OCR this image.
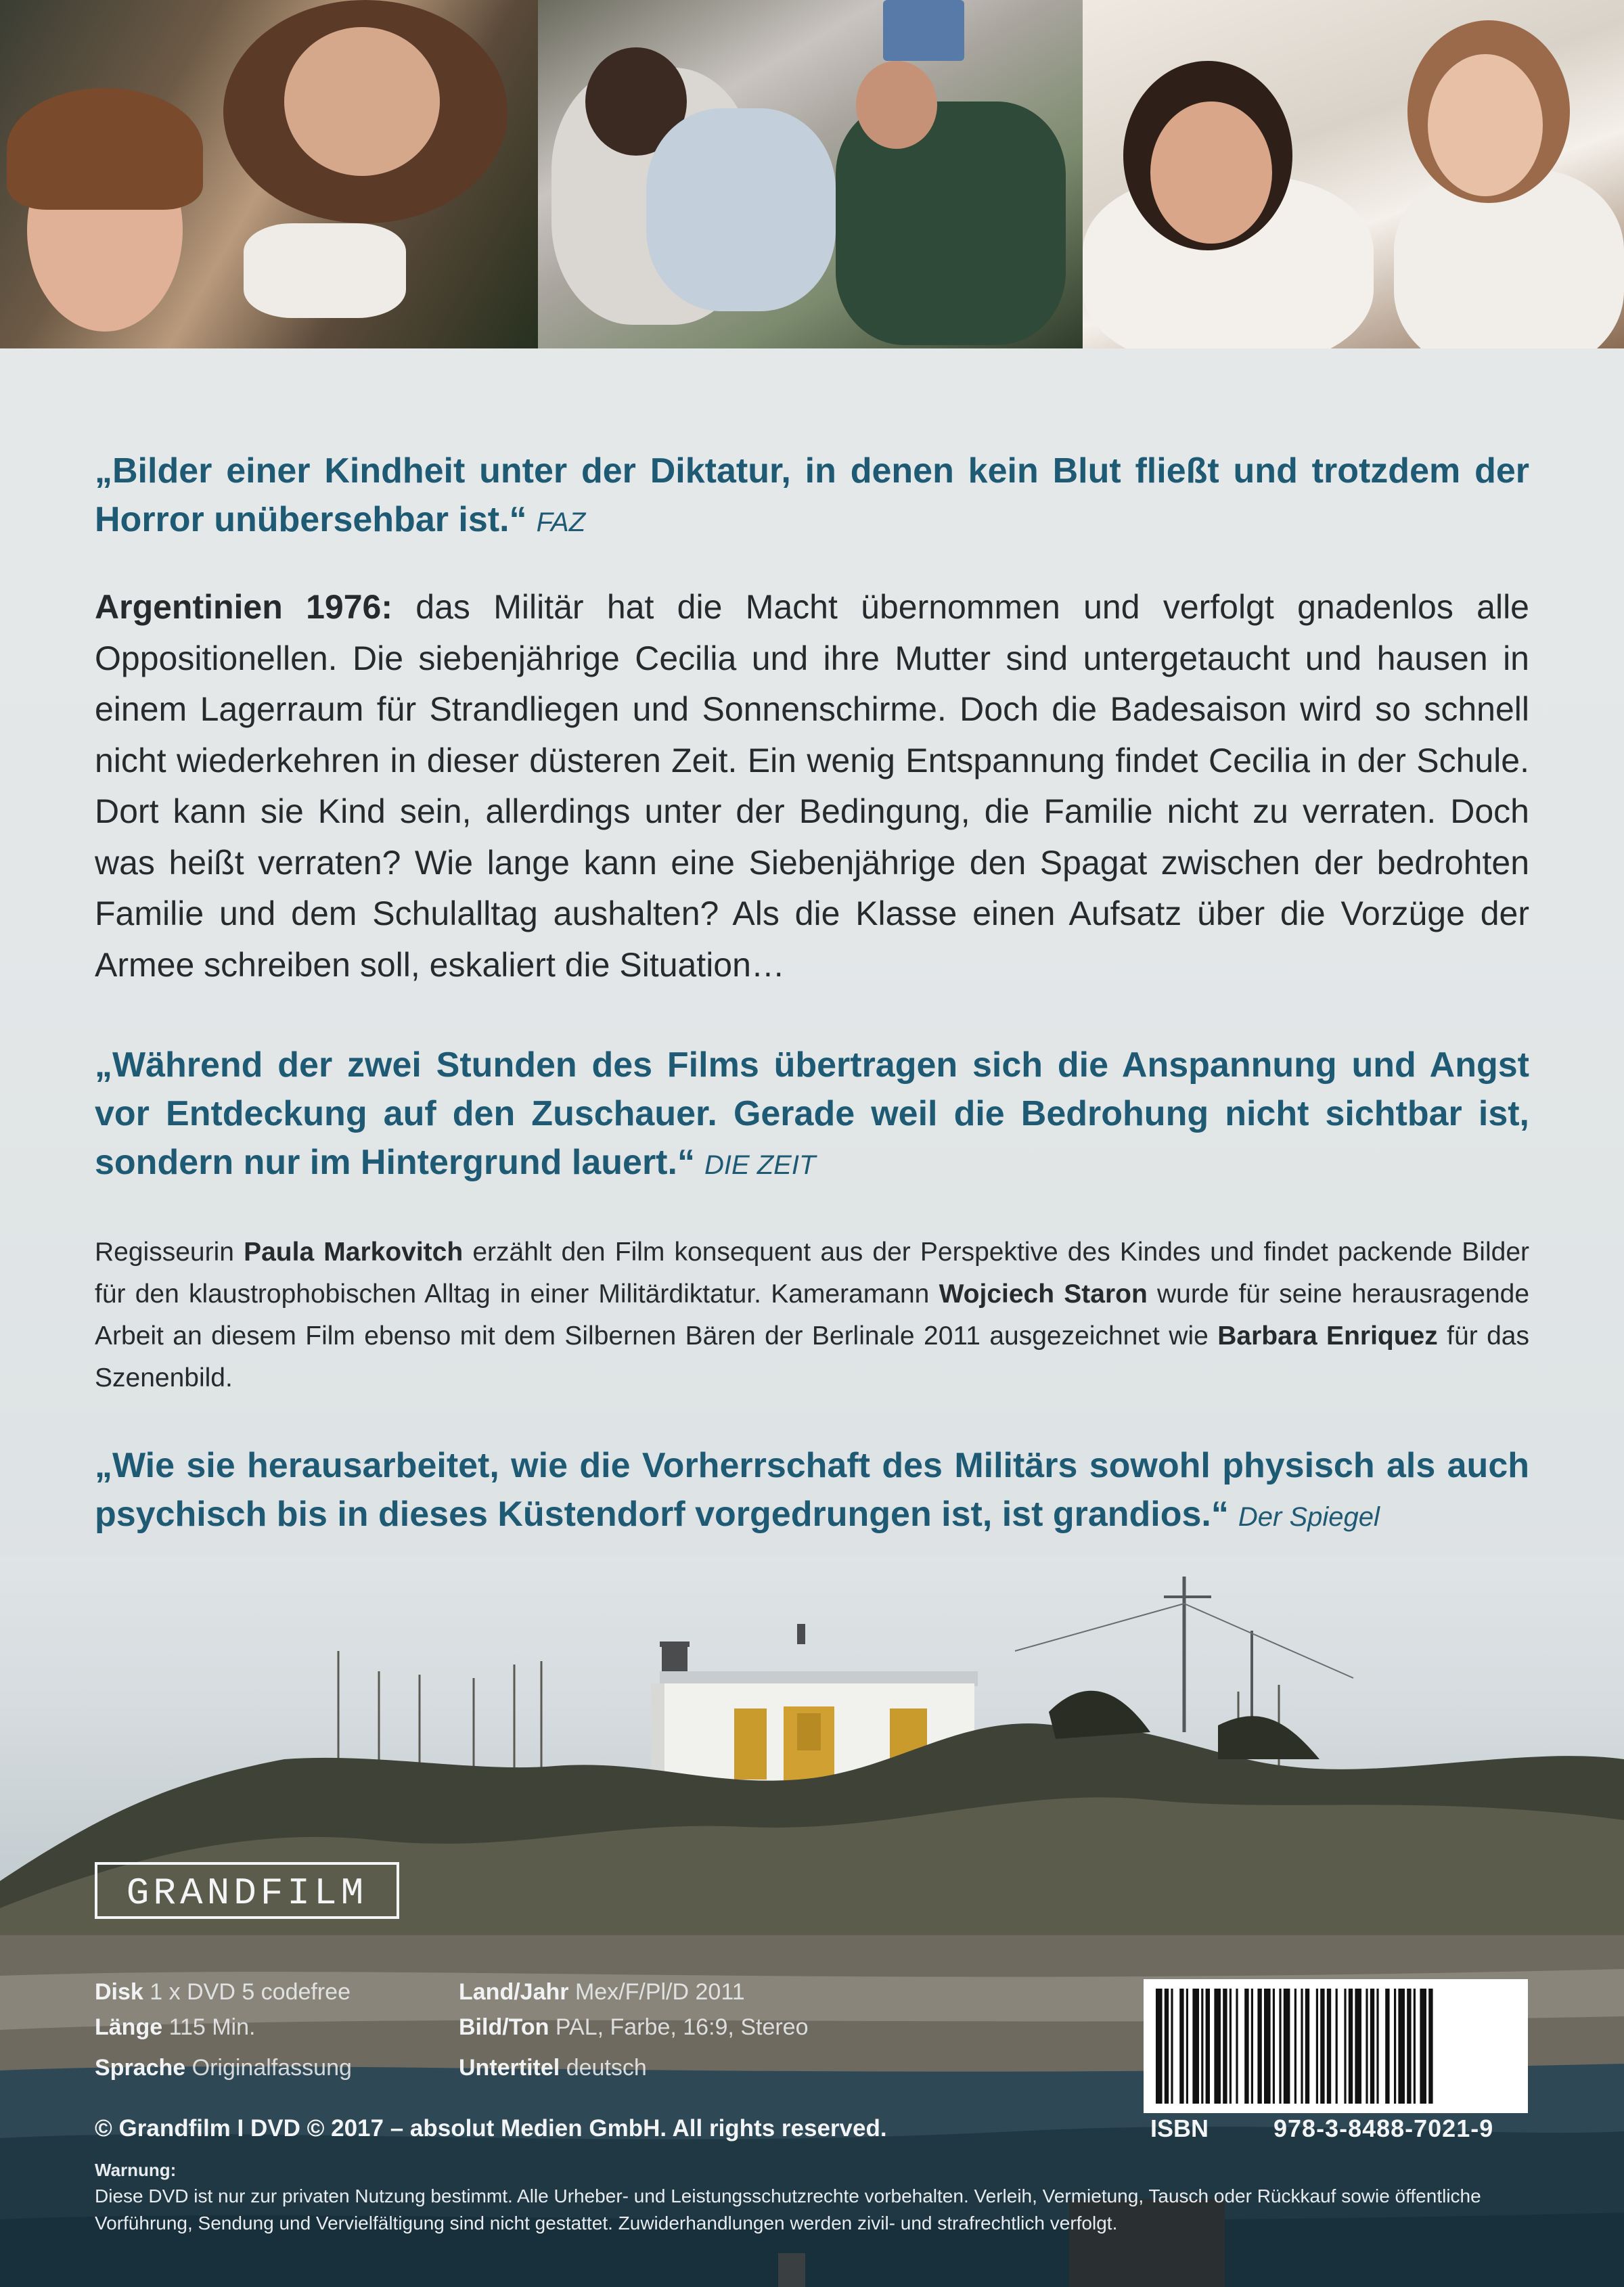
„Bilder einer Kindheit unter der Diktatur, in denen kein Blut fließt und trotzdem der Horror unübersehbar ist.“ FAZ

Argentinien 1976: das Militär hat die Macht übernommen und verfolgt gnadenlos alle Oppositionellen. Die siebenjährige Cecilia und ihre Mutter sind untergetaucht und hausen in einem Lagerraum für Strandliegen und Sonnenschirme. Doch die Badesaison wird so schnell nicht wiederkehren in dieser düsteren Zeit. Ein wenig Entspannung findet Cecilia in der Schule. Dort kann sie Kind sein, allerdings unter der Bedingung, die Familie nicht zu verraten. Doch was heißt verraten? Wie lange kann eine Siebenjährige den Spagat zwischen der bedrohten Familie und dem Schulalltag aushalten? Als die Klasse einen Aufsatz über die Vorzüge der Armee schreiben soll, eskaliert die Situation…

„Während der zwei Stunden des Films übertragen sich die Anspannung und Angst vor Entdeckung auf den Zuschauer. Gerade weil die Bedrohung nicht sichtbar ist, sondern nur im Hintergrund lauert.“ DIE ZEIT

Regisseurin Paula Markovitch erzählt den Film konsequent aus der Perspektive des Kindes und findet packende Bilder für den klaustrophobischen Alltag in einer Militärdiktatur. Kameramann Wojciech Staron wurde für seine herausragende Arbeit an diesem Film ebenso mit dem Silbernen Bären der Berlinale 2011 ausgezeichnet wie Barbara Enriquez für das Szenenbild.

„Wie sie herausarbeitet, wie die Vorherrschaft des Militärs sowohl physisch als auch psychisch bis in dieses Küstendorf vorgedrungen ist, ist grandios.“ Der Spiegel

GRANDFILM
Disk 1 x DVD 5 codefree
Länge 115 Min.
Sprache Originalfassung
Land/Jahr Mex/F/Pl/D 2011
Bild/Ton PAL, Farbe, 16:9, Stereo
Untertitel deutsch
ISBN	978-3-8488-7021-9
© Grandfilm I DVD © 2017 – absolut Medien GmbH. All rights reserved.
Warnung:

Diese DVD ist nur zur privaten Nutzung bestimmt. Alle Urheber- und Leistungsschutzrechte vorbehalten. Verleih, Vermietung, Tausch oder Rückkauf sowie öffentliche Vorführung, Sendung und Vervielfältigung sind nicht gestattet. Zuwiderhandlungen werden zivil- und strafrechtlich verfolgt.
